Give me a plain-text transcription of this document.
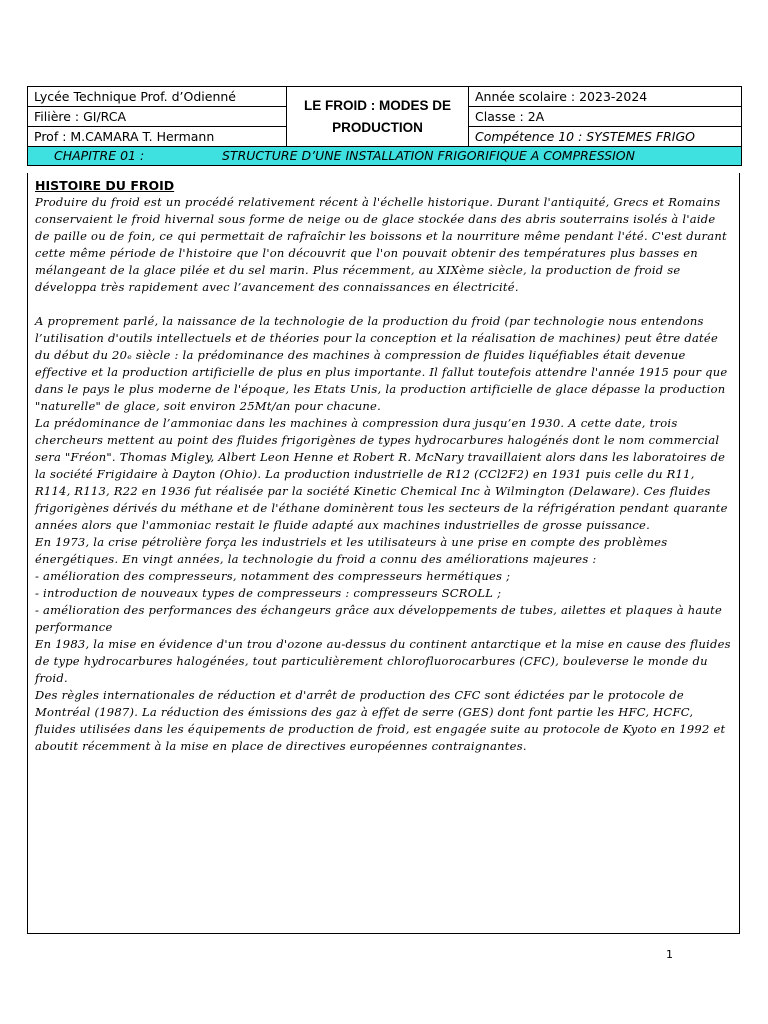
Lycée Technique Prof. d’Odienné	LE FROID : MODES DE PRODUCTION	Année scolaire : 2023-2024
Filière : GI/RCA		Classe : 2A
Prof : M.CAMARA T. Hermann		Compétence 10 : SYSTEMES FRIGO
CHAPITRE 01 : STRUCTURE D’UNE INSTALLATION FRIGORIFIQUE A COMPRESSION		
HISTOIRE DU FROID

Produire du froid est un procédé relativement récent à l'échelle historique. Durant l'antiquité, Grecs et Romains conservaient le froid hivernal sous forme de neige ou de glace stockée dans des abris souterrains isolés à l'aide de paille ou de foin, ce qui permettait de rafraîchir les boissons et la nourriture même pendant l'été. C'est durant cette même période de l'histoire que l'on découvrit que l'on pouvait obtenir des températures plus basses en mélangeant de la glace pilée et du sel marin. Plus récemment, au XIXème siècle, la production de froid se développa très rapidement avec l’avancement des connaissances en électricité.

A proprement parlé, la naissance de la technologie de la production du froid (par technologie nous entendons l’utilisation d'outils intellectuels et de théories pour la conception et la réalisation de machines) peut être datée du début du 20ₑ siècle : la prédominance des machines à compression de fluides liquéfiables était devenue effective et la production artificielle de plus en plus importante. Il fallut toutefois attendre l'année 1915 pour que dans le pays le plus moderne de l'époque, les Etats Unis, la production artificielle de glace dépasse la production "naturelle" de glace, soit environ 25Mt/an pour chacune.

La prédominance de l’ammoniac dans les machines à compression dura jusqu’en 1930. A cette date, trois chercheurs mettent au point des fluides frigorigènes de types hydrocarbures halogénés dont le nom commercial sera "Fréon". Thomas Migley, Albert Leon Henne et Robert R. McNary travaillaient alors dans les laboratoires de la société Frigidaire à Dayton (Ohio). La production industrielle de R12 (CCl2F2) en 1931 puis celle du R11, R114, R113, R22 en 1936 fut réalisée par la société Kinetic Chemical Inc à Wilmington (Delaware). Ces fluides frigorigènes dérivés du méthane et de l'éthane dominèrent tous les secteurs de la réfrigération pendant quarante années alors que l'ammoniac restait le fluide adapté aux machines industrielles de grosse puissance.

En 1973, la crise pétrolière força les industriels et les utilisateurs à une prise en compte des problèmes énergétiques. En vingt années, la technologie du froid a connu des améliorations majeures :

- amélioration des compresseurs, notamment des compresseurs hermétiques ;

- introduction de nouveaux types de compresseurs : compresseurs SCROLL ;

- amélioration des performances des échangeurs grâce aux développements de tubes, ailettes et plaques à haute performance

En 1983, la mise en évidence d'un trou d'ozone au-dessus du continent antarctique et la mise en cause des fluides de type hydrocarbures halogénées, tout particulièrement chlorofluorocarbures (CFC), bouleverse le monde du froid.

Des règles internationales de réduction et d'arrêt de production des CFC sont édictées par le protocole de Montréal (1987). La réduction des émissions des gaz à effet de serre (GES) dont font partie les HFC, HCFC, fluides utilisées dans les équipements de production de froid, est engagée suite au protocole de Kyoto en 1992 et aboutit récemment à la mise en place de directives européennes contraignantes.

1
